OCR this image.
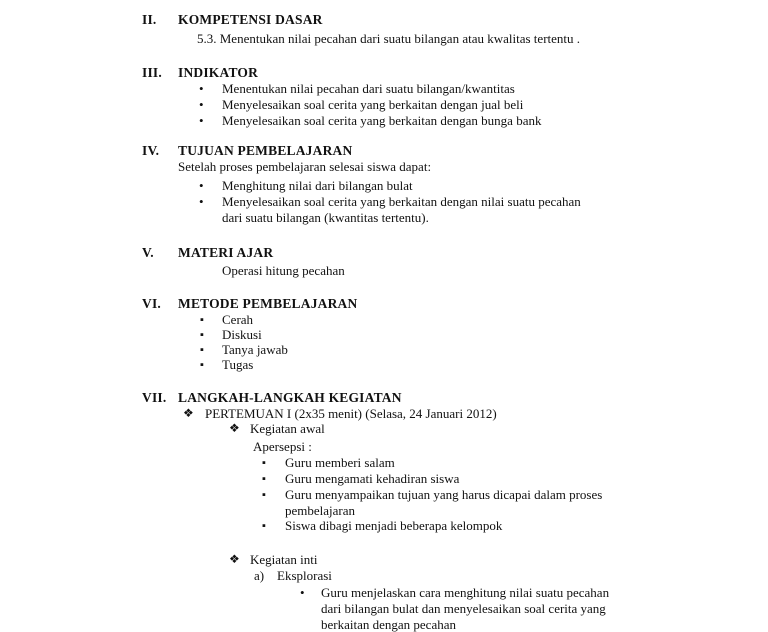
II. KOMPETENSI DASAR
5.3. Menentukan nilai pecahan dari suatu bilangan atau kwalitas tertentu .
III. INDIKATOR
•
Menentukan nilai pecahan dari suatu bilangan/kwantitas
•
Menyelesaikan soal cerita yang berkaitan dengan jual beli
•
Menyelesaikan soal cerita yang berkaitan dengan bunga bank
IV. TUJUAN PEMBELAJARAN
Setelah proses pembelajaran selesai siswa dapat:
•
Menghitung nilai dari bilangan bulat
•
Menyelesaikan soal cerita yang berkaitan dengan nilai suatu pecahan
dari suatu bilangan (kwantitas tertentu).
V. MATERI AJAR
Operasi hitung pecahan
VI. METODE PEMBELAJARAN
▪ Cerah
▪ Diskusi
▪ Tanya jawab
▪ Tugas
VII. LANGKAH-LANGKAH KEGIATAN
❖ PERTEMUAN I (2x35 menit) (Selasa, 24 Januari 2012)
❖ Kegiatan awal
Apersepsi :
▪ Guru memberi salam
▪ Guru mengamati kehadiran siswa
▪ Guru menyampaikan tujuan yang harus dicapai dalam proses
pembelajaran
▪ Siswa dibagi menjadi beberapa kelompok
❖ Kegiatan inti
a) Eksplorasi
•
Guru menjelaskan cara menghitung nilai suatu pecahan
dari bilangan bulat dan menyelesaikan soal cerita yang
berkaitan dengan pecahan
